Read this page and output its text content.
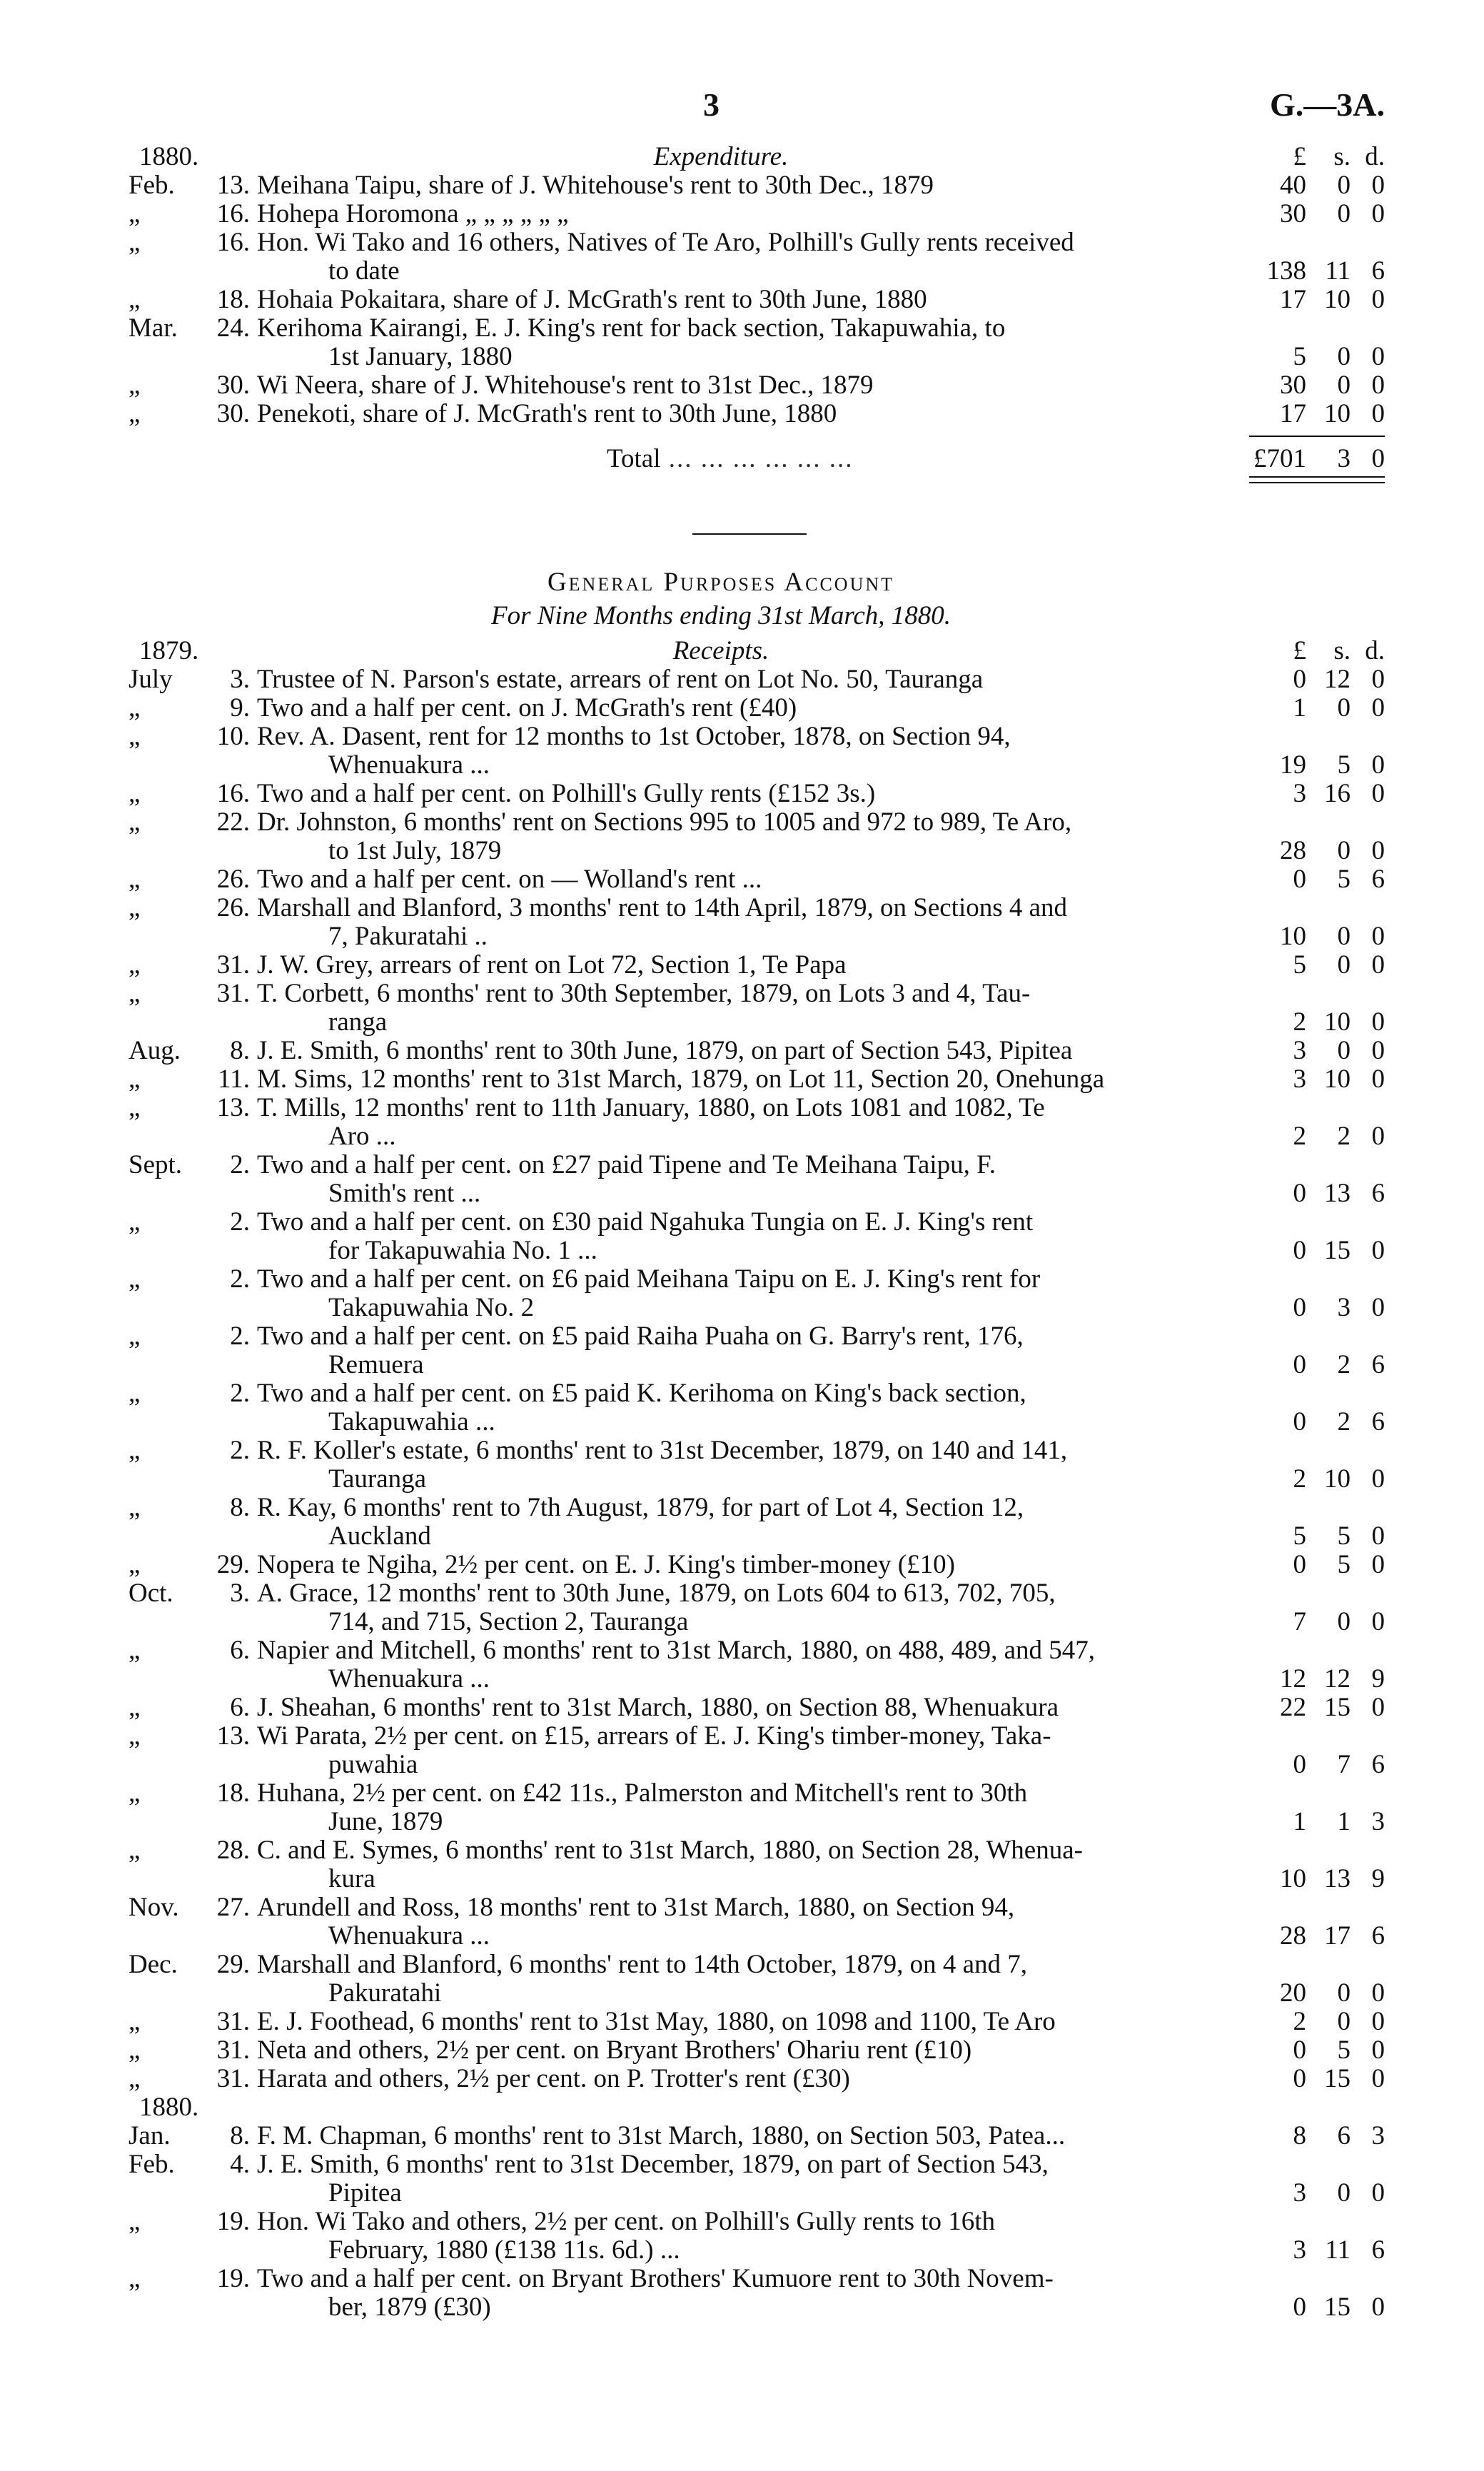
3	G.—3A.
1880.	Expenditure.	£	s. d.
Feb.	13. Meihana Taipu, share of J. Whitehouse's rent to 30th Dec., 1879	40	0 0
„	16. Hohepa Horomona „ „ „ „ „ „	30	0 0
„	16. Hon. Wi Tako and 16 others, Natives of Te Aro, Polhill's Gully rents received
to date	138 11 6
„	18. Hohaia Pokaitara, share of J. McGrath's rent to 30th June, 1880	17 10 0
Mar.	24. Kerihoma Kairangi, E. J. King's rent for back section, Takapuwahia, to
1st January, 1880	5	0 0
„	30. Wi Neera, share of J. Whitehouse's rent to 31st Dec., 1879	30	0 0
„	30. Penekoti, share of J. McGrath's rent to 30th June, 1880	17 10 0
Total ... ... ... ... ... ...	£701	3 0
General Purposes Account
For Nine Months ending 31st March, 1880.
1879.	Receipts.	£	s. d.
July	3. Trustee of N. Parson's estate, arrears of rent on Lot No. 50, Tauranga	0 12 0
„	9. Two and a half per cent. on J. McGrath's rent (£40)	1	0 0
„	10. Rev. A. Dasent, rent for 12 months to 1st October, 1878, on Section 94,
Whenuakura ...	19	5 0
„	16. Two and a half per cent. on Polhill's Gully rents (£152 3s.)	3 16 0
„	22. Dr. Johnston, 6 months' rent on Sections 995 to 1005 and 972 to 989, Te Aro,
to 1st July, 1879	28	0 0
„	26. Two and a half per cent. on — Wolland's rent ...	0	5 6
„	26. Marshall and Blanford, 3 months' rent to 14th April, 1879, on Sections 4 and
7, Pakuratahi ..	10	0 0
„	31. J. W. Grey, arrears of rent on Lot 72, Section 1, Te Papa	5	0 0
„	31. T. Corbett, 6 months' rent to 30th September, 1879, on Lots 3 and 4, Tau-
ranga	2 10 0
Aug.	8. J. E. Smith, 6 months' rent to 30th June, 1879, on part of Section 543, Pipitea	3	0 0
„	11. M. Sims, 12 months' rent to 31st March, 1879, on Lot 11, Section 20, Onehunga	3 10 0
„	13. T. Mills, 12 months' rent to 11th January, 1880, on Lots 1081 and 1082, Te
Aro ...	2	2 0
Sept.	2. Two and a half per cent. on £27 paid Tipene and Te Meihana Taipu, F.
Smith's rent ...	0 13 6
„	2. Two and a half per cent. on £30 paid Ngahuka Tungia on E. J. King's rent
for Takapuwahia No. 1 ...	0 15 0
„	2. Two and a half per cent. on £6 paid Meihana Taipu on E. J. King's rent for
Takapuwahia No. 2	0	3 0
„	2. Two and a half per cent. on £5 paid Raiha Puaha on G. Barry's rent, 176,
Remuera	0	2 6
„	2. Two and a half per cent. on £5 paid K. Kerihoma on King's back section,
Takapuwahia ...	0	2 6
„	2. R. F. Koller's estate, 6 months' rent to 31st December, 1879, on 140 and 141,
Tauranga	2 10 0
„	8. R. Kay, 6 months' rent to 7th August, 1879, for part of Lot 4, Section 12,
Auckland	5	5 0
„	29. Nopera te Ngiha, 2½ per cent. on E. J. King's timber-money (£10)	0	5 0
Oct.	3. A. Grace, 12 months' rent to 30th June, 1879, on Lots 604 to 613, 702, 705,
714, and 715, Section 2, Tauranga	7	0 0
„	6. Napier and Mitchell, 6 months' rent to 31st March, 1880, on 488, 489, and 547,
Whenuakura ...	12 12 9
„	6. J. Sheahan, 6 months' rent to 31st March, 1880, on Section 88, Whenuakura	22 15 0
„	13. Wi Parata, 2½ per cent. on £15, arrears of E. J. King's timber-money, Taka-
puwahia	0	7 6
„	18. Huhana, 2½ per cent. on £42 11s., Palmerston and Mitchell's rent to 30th
June, 1879	1	1 3
„	28. C. and E. Symes, 6 months' rent to 31st March, 1880, on Section 28, Whenua-
kura	10 13 9
Nov.	27. Arundell and Ross, 18 months' rent to 31st March, 1880, on Section 94,
Whenuakura ...	28 17 6
Dec.	29. Marshall and Blanford, 6 months' rent to 14th October, 1879, on 4 and 7,
Pakuratahi	20	0 0
„	31. E. J. Foothead, 6 months' rent to 31st May, 1880, on 1098 and 1100, Te Aro	2	0 0
„	31. Neta and others, 2½ per cent. on Bryant Brothers' Ohariu rent (£10)	0	5 0
„	31. Harata and others, 2½ per cent. on P. Trotter's rent (£30)	0 15 0
1880.
Jan.	8. F. M. Chapman, 6 months' rent to 31st March, 1880, on Section 503, Patea...	8	6 3
Feb.	4. J. E. Smith, 6 months' rent to 31st December, 1879, on part of Section 543,
Pipitea	3	0 0
„	19. Hon. Wi Tako and others, 2½ per cent. on Polhill's Gully rents to 16th
February, 1880 (£138 11s. 6d.) ...	3 11 6
„	19. Two and a half per cent. on Bryant Brothers' Kumuore rent to 30th Novem-
ber, 1879 (£30)	0 15 0
